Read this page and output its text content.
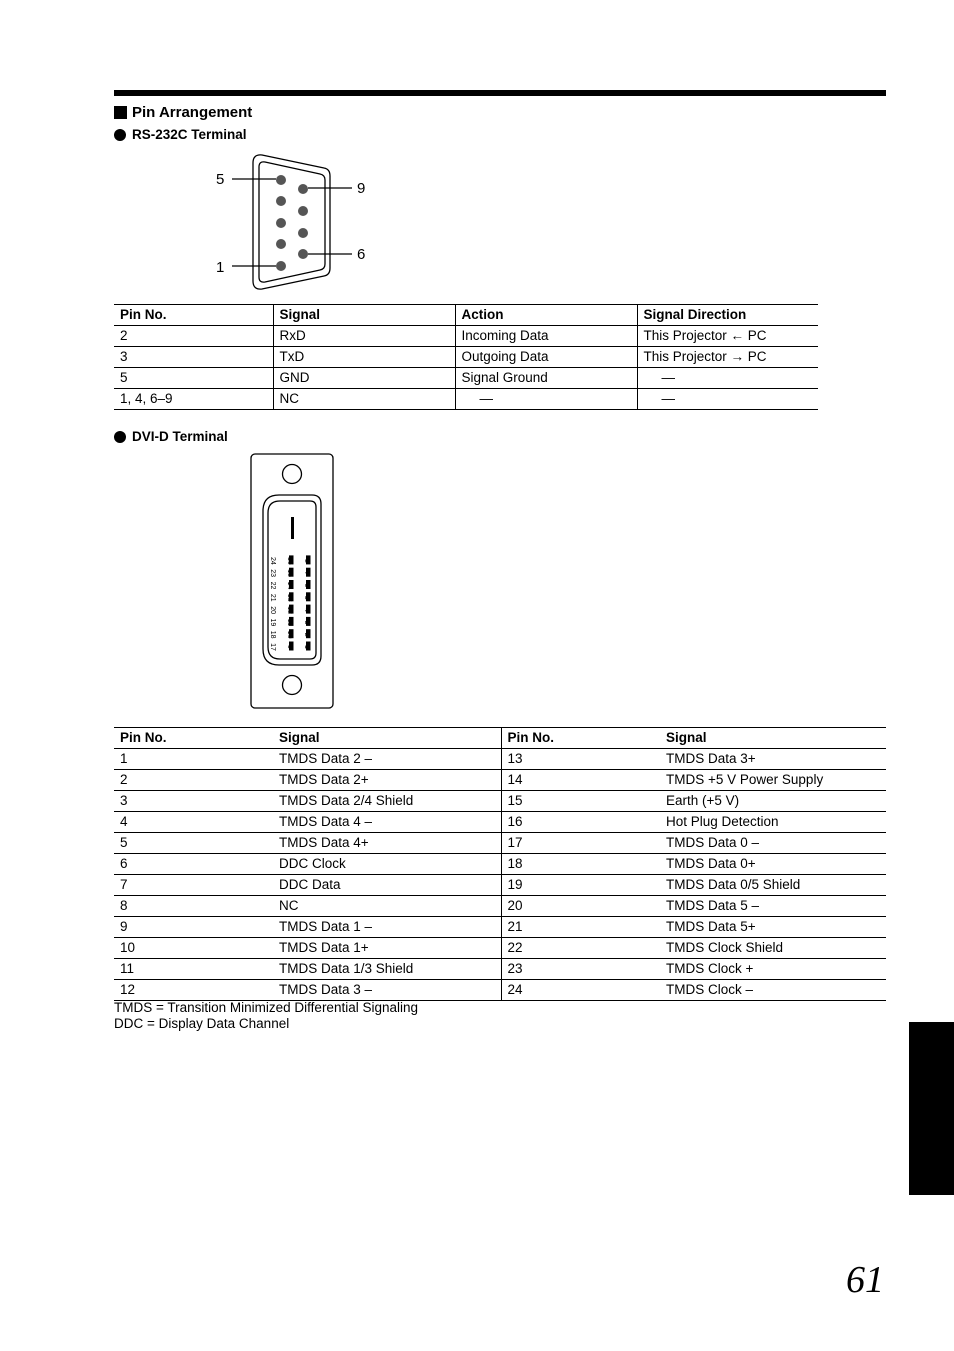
Pin Arrangement
RS-232C Terminal
5
1
9
6
Pin No.	Signal	Action	Signal Direction
2	RxD	Incoming Data	This Projector ← PC
3	TxD	Outgoing Data	This Projector → PC
5	GND	Signal Ground	—
1, 4, 6–9	NC	—	—
DVI-D Terminal
1
2
3
4
5
6
7
8
9
10
11
12
13
14
15
16
17
18
19
20
21
22
23
24
Pin No.	Signal	Pin No.	Signal
1	TMDS Data 2 –	13	TMDS Data 3+
2	TMDS Data 2+	14	TMDS +5 V Power Supply
3	TMDS Data 2/4 Shield	15	Earth (+5 V)
4	TMDS Data 4 –	16	Hot Plug Detection
5	TMDS Data 4+	17	TMDS Data 0 –
6	DDC Clock	18	TMDS Data 0+
7	DDC Data	19	TMDS Data 0/5 Shield
8	NC	20	TMDS Data 5 –
9	TMDS Data 1 –	21	TMDS Data 5+
10	TMDS Data 1+	22	TMDS Clock Shield
11	TMDS Data 1/3 Shield	23	TMDS Clock +
12	TMDS Data 3 –	24	TMDS Clock –
TMDS = Transition Minimized Differential Signaling
DDC = Display Data Channel
61
